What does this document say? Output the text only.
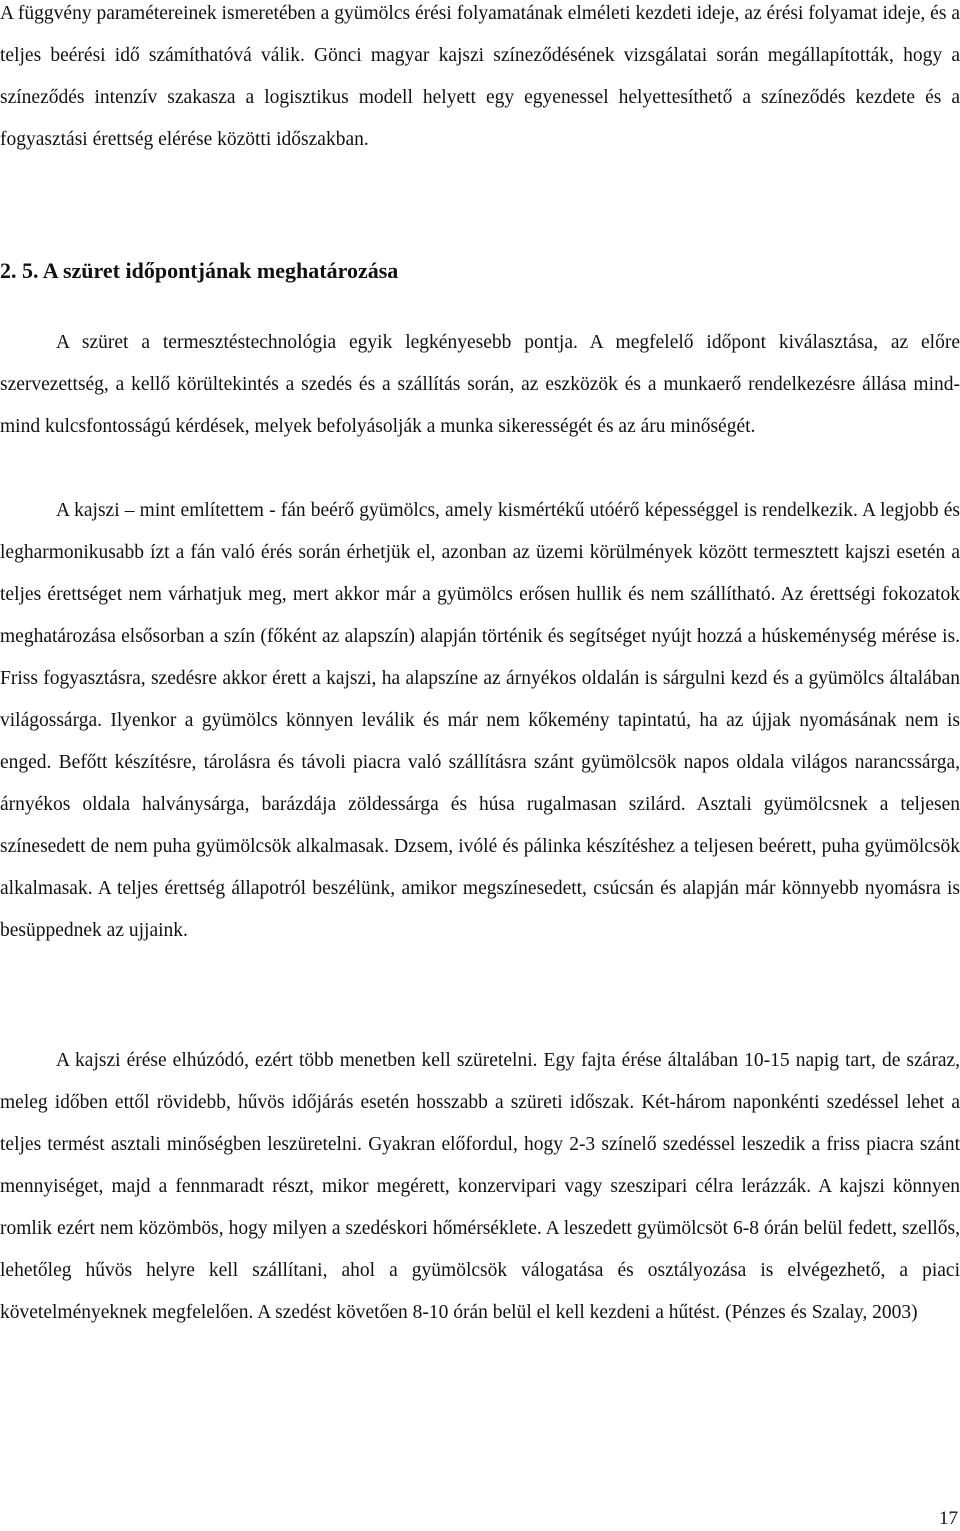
A függvény paramétereinek ismeretében a gyümölcs érési folyamatának elméleti kezdeti ideje, az érési folyamat ideje, és a teljes beérési idő számíthatóvá válik. Gönci magyar kajszi színeződésének vizsgálatai során megállapították, hogy a színeződés intenzív szakasza a logisztikus modell helyett egy egyenessel helyettesíthető a színeződés kezdete és a fogyasztási érettség elérése közötti időszakban.

2. 5. A szüret időpontjának meghatározása

A szüret a termesztéstechnológia egyik legkényesebb pontja. A megfelelő időpont kiválasztása, az előre szervezettség, a kellő körültekintés a szedés és a szállítás során, az eszközök és a munkaerő rendelkezésre állása mind-mind kulcsfontosságú kérdések, melyek befolyásolják a munka sikerességét és az áru minőségét.

A kajszi – mint említettem - fán beérő gyümölcs, amely kismértékű utóérő képességgel is rendelkezik. A legjobb és legharmonikusabb ízt a fán való érés során érhetjük el, azonban az üzemi körülmények között termesztett kajszi esetén a teljes érettséget nem várhatjuk meg, mert akkor már a gyümölcs erősen hullik és nem szállítható. Az érettségi fokozatok meghatározása elsősorban a szín (főként az alapszín) alapján történik és segítséget nyújt hozzá a húskeménység mérése is. Friss fogyasztásra, szedésre akkor érett a kajszi, ha alapszíne az árnyékos oldalán is sárgulni kezd és a gyümölcs általában világossárga. Ilyenkor a gyümölcs könnyen leválik és már nem kőkemény tapintatú, ha az újjak nyomásának nem is enged. Befőtt készítésre, tárolásra és távoli piacra való szállításra szánt gyümölcsök napos oldala világos narancssárga, árnyékos oldala halványsárga, barázdája zöldessárga és húsa rugalmasan szilárd. Asztali gyümölcsnek a teljesen színesedett de nem puha gyümölcsök alkalmasak. Dzsem, ivólé és pálinka készítéshez a teljesen beérett, puha gyümölcsök alkalmasak. A teljes érettség állapotról beszélünk, amikor megszínesedett, csúcsán és alapján már könnyebb nyomásra is besüppednek az ujjaink.

A kajszi érése elhúzódó, ezért több menetben kell szüretelni. Egy fajta érése általában 10-15 napig tart, de száraz, meleg időben ettől rövidebb, hűvös időjárás esetén hosszabb a szüreti időszak. Két-három naponkénti szedéssel lehet a teljes termést asztali minőségben leszüretelni. Gyakran előfordul, hogy 2-3 színelő szedéssel leszedik a friss piacra szánt mennyiséget, majd a fennmaradt részt, mikor megérett, konzervipari vagy szeszipari célra lerázzák. A kajszi könnyen romlik ezért nem közömbös, hogy milyen a szedéskori hőmérséklete. A leszedett gyümölcsöt 6-8 órán belül fedett, szellős, lehetőleg hűvös helyre kell szállítani, ahol a gyümölcsök válogatása és osztályozása is elvégezhető, a piaci követelményeknek megfelelően. A szedést követően 8-10 órán belül el kell kezdeni a hűtést. (Pénzes és Szalay, 2003)

17
